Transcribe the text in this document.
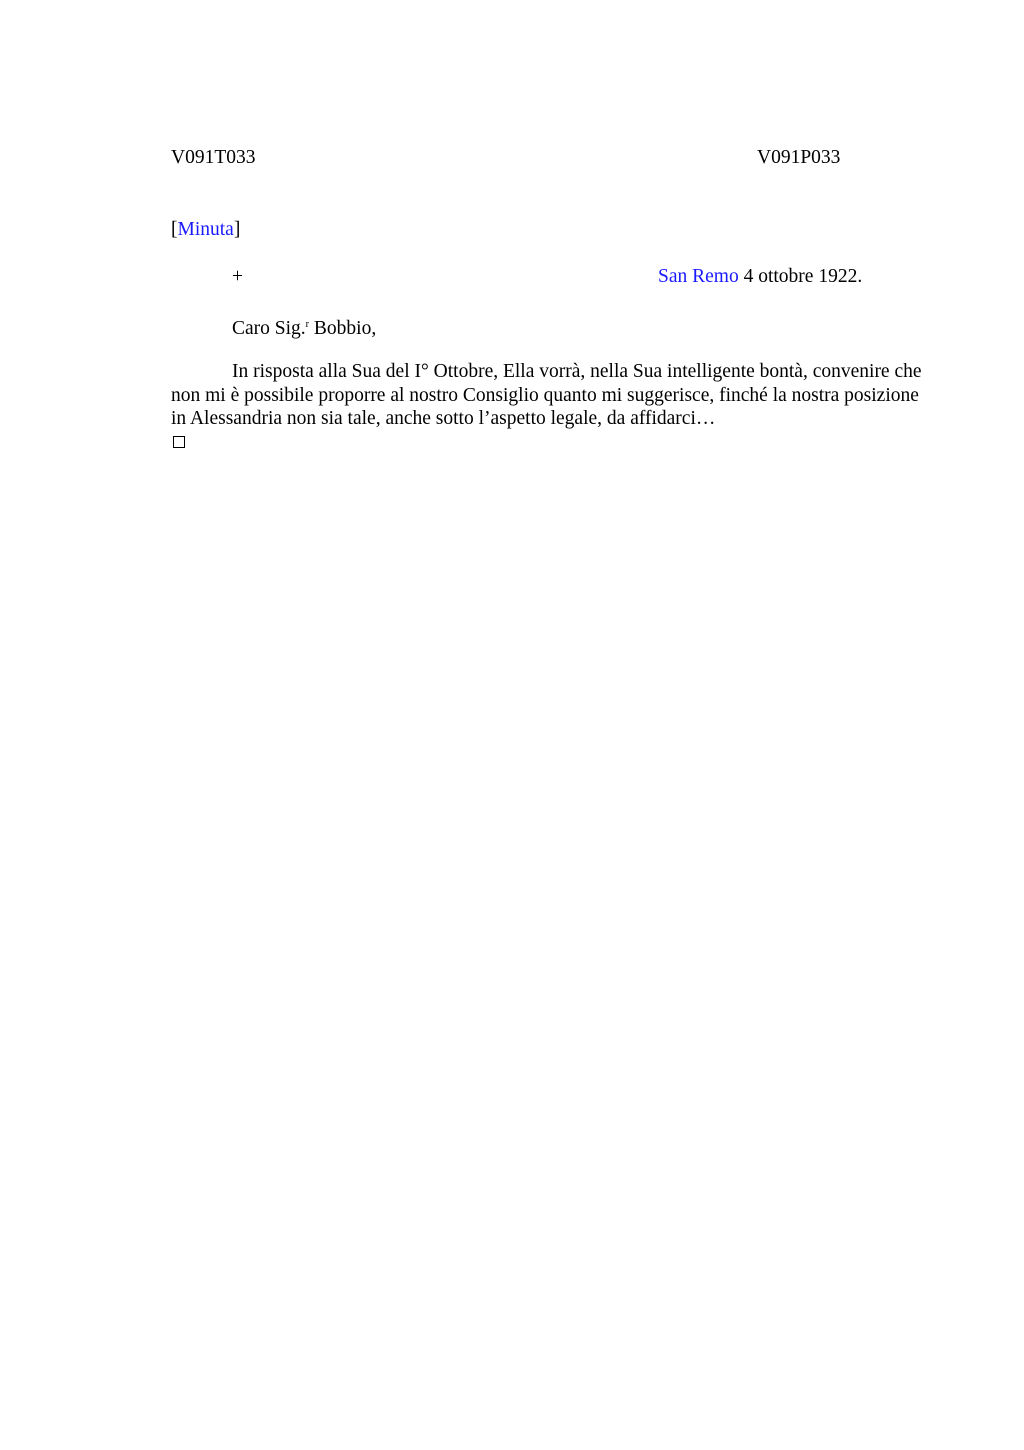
V091T033	V091P033
[Minuta]
+	San Remo 4 ottobre 1922.
Caro Sig.$^r$ Bobbio,
In risposta alla Sua del I° Ottobre, Ella vorrà, nella Sua intelligente bontà, convenire che non mi è possibile proporre al nostro Consiglio quanto mi suggerisce, finché la nostra posizione in Alessandria non sia tale, anche sotto l’aspetto legale, da affidarci…
